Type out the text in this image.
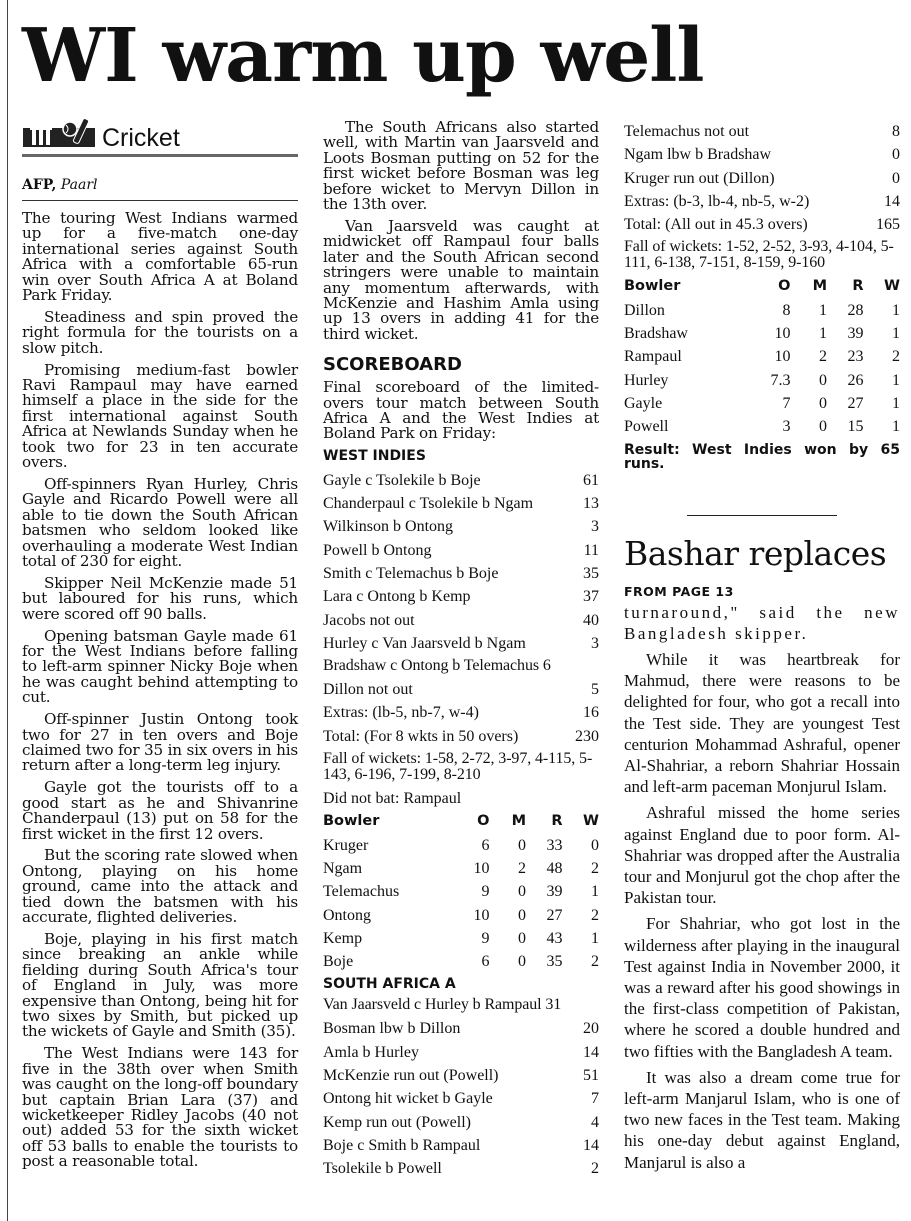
WI warm up well
Cricket
AFP, Paarl

The touring West Indians warmed up for a five-match one-day international series against South Africa with a comfortable 65-run win over South Africa A at Boland Park Friday.

Steadiness and spin proved the right formula for the tourists on a slow pitch.

Promising medium-fast bowler Ravi Rampaul may have earned himself a place in the side for the first international against South Africa at Newlands Sunday when he took two for 23 in ten accurate overs.

Off-spinners Ryan Hurley, Chris Gayle and Ricardo Powell were all able to tie down the South African batsmen who seldom looked like overhauling a moderate West Indian total of 230 for eight.

Skipper Neil McKenzie made 51 but laboured for his runs, which were scored off 90 balls.

Opening batsman Gayle made 61 for the West Indians before falling to left-arm spinner Nicky Boje when he was caught behind attempting to cut.

Off-spinner Justin Ontong took two for 27 in ten overs and Boje claimed two for 35 in six overs in his return after a long-term leg injury.

Gayle got the tourists off to a good start as he and Shivanrine Chanderpaul (13) put on 58 for the first wicket in the first 12 overs.

But the scoring rate slowed when Ontong, playing on his home ground, came into the attack and tied down the batsmen with his accurate, flighted deliveries.

Boje, playing in his first match since breaking an ankle while fielding during South Africa's tour of England in July, was more expensive than Ontong, being hit for two sixes by Smith, but picked up the wickets of Gayle and Smith (35).

The West Indians were 143 for five in the 38th over when Smith was caught on the long-off boundary but captain Brian Lara (37) and wicketkeeper Ridley Jacobs (40 not out) added 53 for the sixth wicket off 53 balls to enable the tourists to post a reasonable total.

The South Africans also started well, with Martin van Jaarsveld and Loots Bosman putting on 52 for the first wicket before Bosman was leg before wicket to Mervyn Dillon in the 13th over.

Van Jaarsveld was caught at midwicket off Rampaul four balls later and the South African second stringers were unable to maintain any momentum afterwards, with McKenzie and Hashim Amla using up 13 overs in adding 41 for the third wicket.

SCOREBOARD

Final scoreboard of the limited-overs tour match between South Africa A and the West Indies at Boland Park on Friday:

WEST INDIES
Gayle c Tsolekile b Boje	61
Chanderpaul c Tsolekile b Ngam	13
Wilkinson b Ontong	3
Powell b Ontong	11
Smith c Telemachus b Boje	35
Lara c Ontong b Kemp	37
Jacobs not out	40
Hurley c Van Jaarsveld b Ngam	3
Bradshaw c Ontong b Telemachus 6
Dillon not out	5
Extras: (lb-5, nb-7, w-4)	16
Total: (For 8 wkts in 50 overs)	230
Fall of wickets: 1-58, 2-72, 3-97, 4-115, 5-143, 6-196, 7-199, 8-210
Did not bat: Rampaul
Bowler	O	M	R	W
Kruger	6	0	33	0
Ngam	10	2	48	2
Telemachus	9	0	39	1
Ontong	10	0	27	2
Kemp	9	0	43	1
Boje	6	0	35	2
SOUTH AFRICA A
Van Jaarsveld c Hurley b Rampaul 31
Bosman lbw b Dillon	20
Amla b Hurley	14
McKenzie run out (Powell)	51
Ontong hit wicket b Gayle	7
Kemp run out (Powell)	4
Boje c Smith b Rampaul	14
Tsolekile b Powell	2
Telemachus not out	8
Ngam lbw b Bradshaw	0
Kruger run out (Dillon)	0
Extras: (b-3, lb-4, nb-5, w-2)	14
Total: (All out in 45.3 overs)	165
Fall of wickets: 1-52, 2-52, 3-93, 4-104, 5-111, 6-138, 7-151, 8-159, 9-160
Bowler	O	M	R	W
Dillon	8	1	28	1
Bradshaw	10	1	39	1
Rampaul	10	2	23	2
Hurley	7.3	0	26	1
Gayle	7	0	27	1
Powell	3	0	15	1
Result: West Indies won by 65 runs.
Bashar replaces
FROM PAGE 13

turnaround," said the new Bangladesh skipper.

While it was heartbreak for Mahmud, there were reasons to be delighted for four, who got a recall into the Test side. They are youngest Test centurion Mohammad Ashraful, opener Al-Shahriar, a reborn Shahriar Hossain and left-arm paceman Monjurul Islam.

Ashraful missed the home series against England due to poor form. Al-Shahriar was dropped after the Australia tour and Monjurul got the chop after the Pakistan tour.

For Shahriar, who got lost in the wilderness after playing in the inaugural Test against India in November 2000, it was a reward after his good showings in the first-class competition of Pakistan, where he scored a double hundred and two fifties with the Bangladesh A team.

It was also a dream come true for left-arm Manjarul Islam, who is one of two new faces in the Test team. Making his one-day debut against England, Manjarul is also a
